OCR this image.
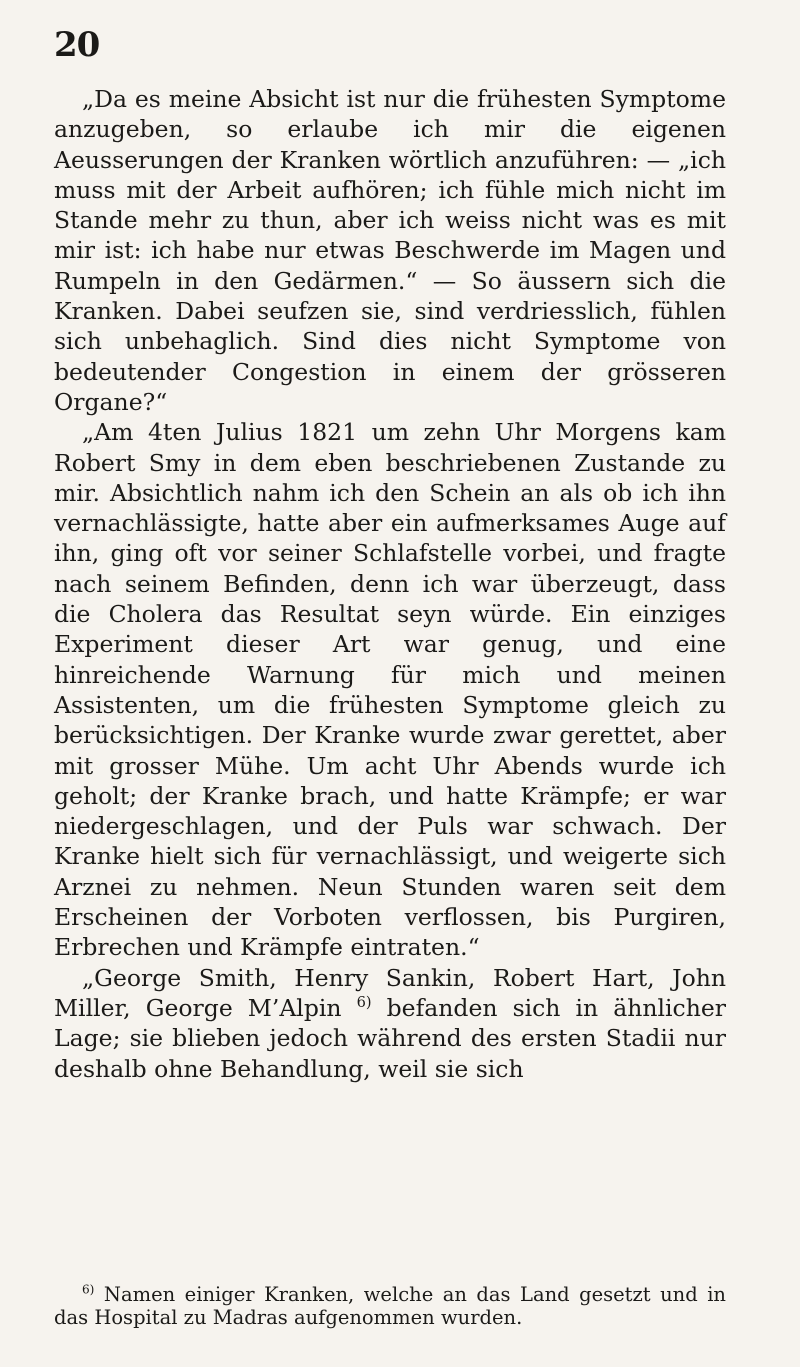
20

„Da es meine Absicht ist nur die frühesten Symptome anzugeben, so erlaube ich mir die eigenen Aeusserungen der Kranken wörtlich anzuführen: — „ich muss mit der Arbeit aufhören; ich fühle mich nicht im Stande mehr zu thun, aber ich weiss nicht was es mit mir ist: ich habe nur etwas Beschwerde im Magen und Rumpeln in den Gedärmen.“ — So äussern sich die Kranken. Dabei seufzen sie, sind verdriesslich, fühlen sich unbehaglich. Sind dies nicht Symptome von bedeutender Congestion in einem der grösseren Organe?“

„Am 4ten Julius 1821 um zehn Uhr Morgens kam Robert Smy in dem eben beschriebenen Zustande zu mir. Absichtlich nahm ich den Schein an als ob ich ihn vernachlässigte, hatte aber ein aufmerksames Auge auf ihn, ging oft vor seiner Schlafstelle vorbei, und fragte nach seinem Befinden, denn ich war überzeugt, dass die Cholera das Resultat seyn würde. Ein einziges Experiment dieser Art war genug, und eine hinreichende Warnung für mich und meinen Assistenten, um die frühesten Symptome gleich zu berücksichtigen. Der Kranke wurde zwar gerettet, aber mit grosser Mühe. Um acht Uhr Abends wurde ich geholt; der Kranke brach, und hatte Krämpfe; er war niedergeschlagen, und der Puls war schwach. Der Kranke hielt sich für vernachlässigt, und weigerte sich Arznei zu nehmen. Neun Stunden waren seit dem Erscheinen der Vorboten verflossen, bis Purgiren, Erbrechen und Krämpfe eintraten.“

„George Smith, Henry Sankin, Robert Hart, John Miller, George M’Alpin $^{6)}$ befanden sich in ähnlicher Lage; sie blieben jedoch während des ersten Stadii nur deshalb ohne Behandlung, weil sie sich

$^{6)}$ Namen einiger Kranken, welche an das Land gesetzt und in das Hospital zu Madras aufgenommen wurden.
